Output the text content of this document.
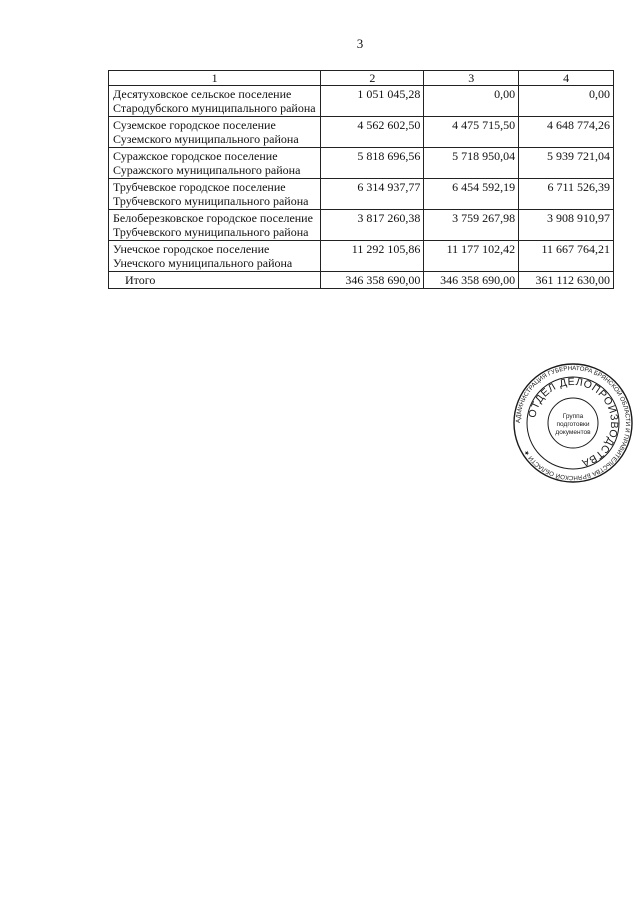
3
1	2	3	4
Десятуховское сельское поселение Стародубского муниципального района	1 051 045,28	0,00	0,00
Суземское городское поселение Суземского муниципального района	4 562 602,50	4 475 715,50	4 648 774,26
Суражское городское поселение Суражского муниципального района	5 818 696,56	5 718 950,04	5 939 721,04
Трубчевское городское поселение Трубчевского муниципального района	6 314 937,77	6 454 592,19	6 711 526,39
Белоберезковское городское поселение Трубчевского муниципального района	3 817 260,38	3 759 267,98	3 908 910,97
Унечское городское поселение Унечского муниципального района	11 292 105,86	11 177 102,42	11 667 764,21
Итого	346 358 690,00	346 358 690,00	361 112 630,00
АДМИНИСТРАЦИЯ ГУБЕРНАТОРА БРЯНСКОЙ ОБЛАСТИ И ПРАВИТЕЛЬСТВА БРЯНСКОЙ ОБЛАСТИ ★
ОТДЕЛ ДЕЛОПРОИЗВОДСТВА
Группа
подготовки
документов
